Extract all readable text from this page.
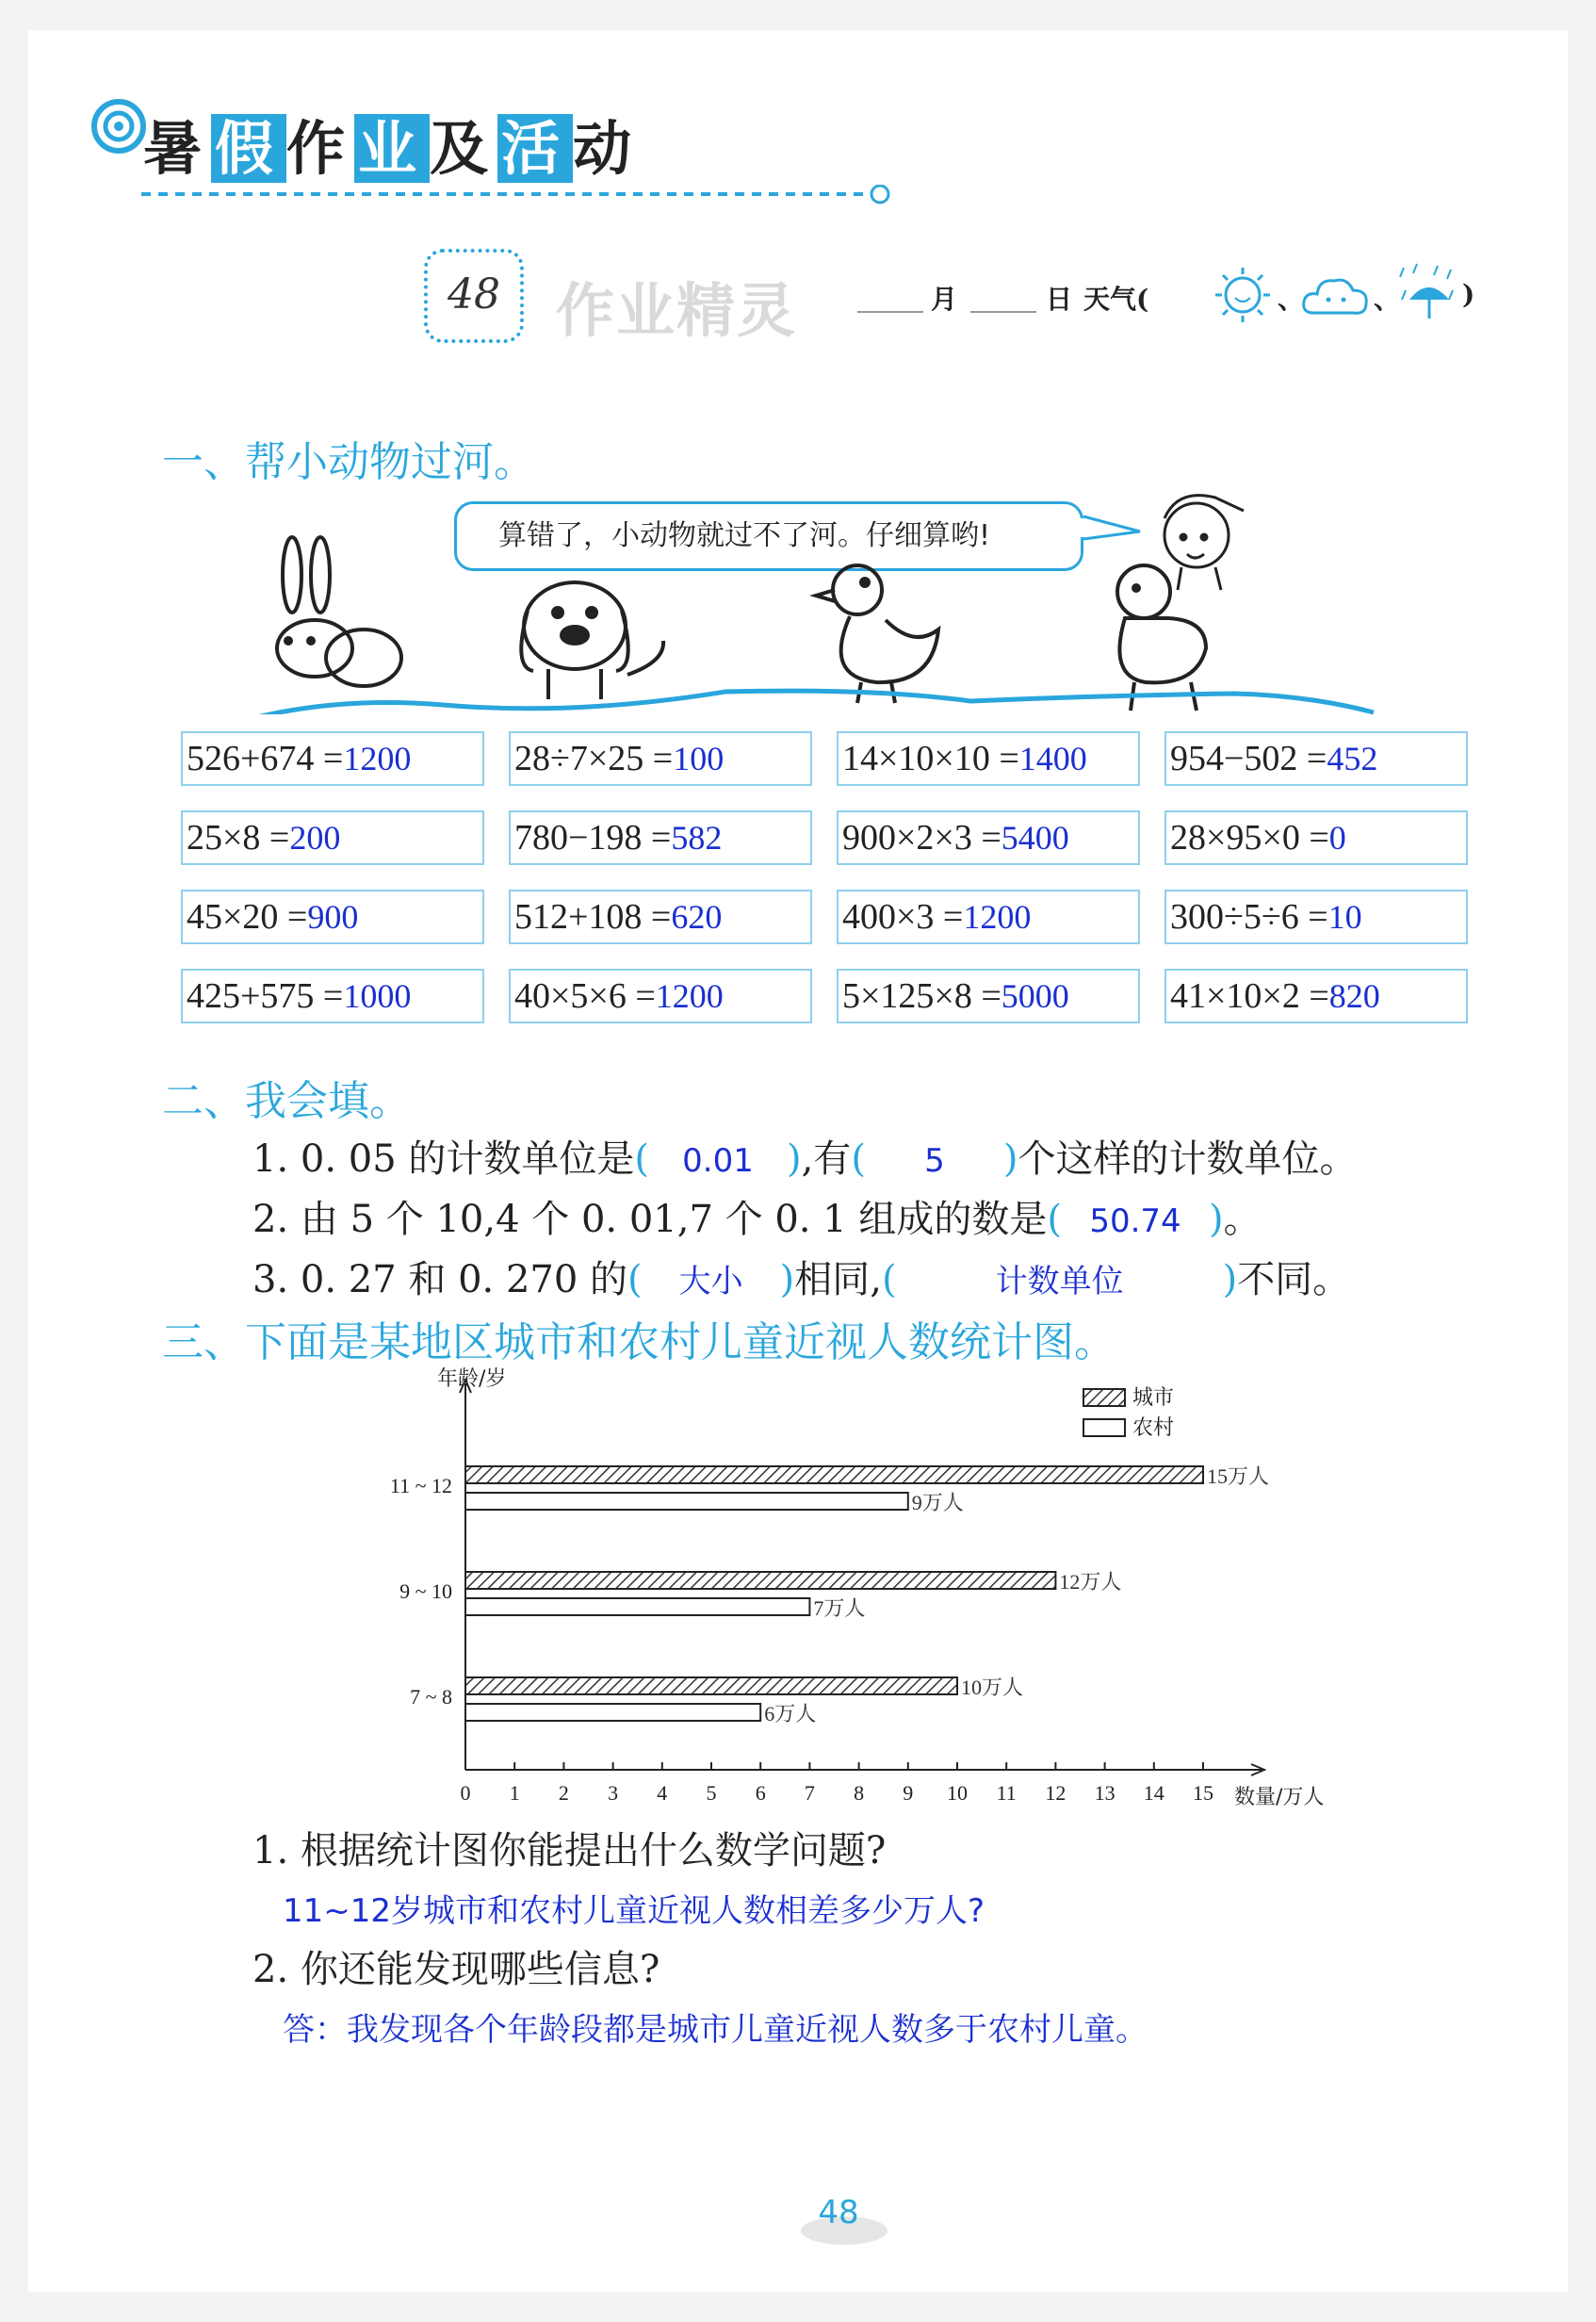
暑假作业及活动
48 作业精灵	月	日 天气(	、	、 )
一、帮小动物过河。
算错了，小动物就过不了河。仔细算哟!
526+674 =1200	28÷7×25 =100	14×10×10 =1400	954−502 =452
25×8 =200	780−198 =582	900×2×3 =5400	28×95×0 =0
45×20 =900	512+108 =620	400×3 =1200	300÷5÷6 =10
425+575 =1000	40×5×6 =1200	5×125×8 =5000	41×10×2 =820
二、我会填。
1. 0. 05 的计数单位是( 0.01 ),有( 5 )个这样的计数单位。
2. 由 5 个 10,4 个 0. 01,7 个 0. 1 组成的数是( 50.74 )。
3. 0. 27 和 0. 270 的( 大小 )相同,(	计数单位	)不同。
三、下面是某地区城市和农村儿童近视人数统计图。
年龄/岁
数量/万人
0 1 2 3 4 5 6 7 8 9 10 11 12 13 14 15
城市
农村
11 ~ 12	15万人
9万人
9 ~ 10	12万人
7万人
7 ~ 8	10万人
6万人
1. 根据统计图你能提出什么数学问题?
11~12岁城市和农村儿童近视人数相差多少万人?
2. 你还能发现哪些信息?
答：我发现各个年龄段都是城市儿童近视人数多于农村儿童。
48
